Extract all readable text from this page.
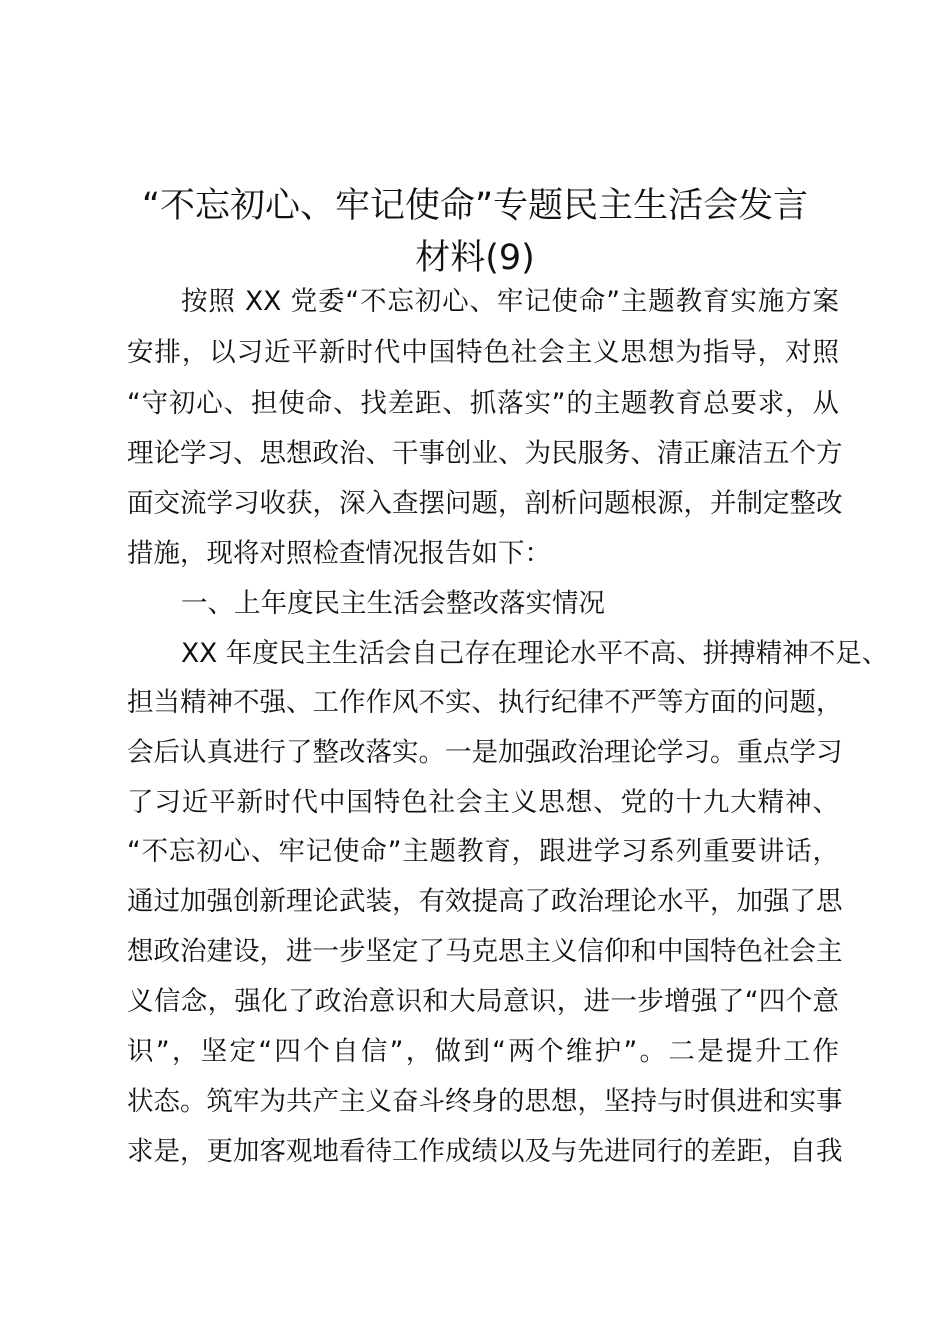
“不忘初心、牢记使命”专题民主生活会发言
材料(9)
按照 XX 党委“不忘初心、牢记使命”主题教育实施方案
安排，以习近平新时代中国特色社会主义思想为指导，对照
“守初心、担使命、找差距、抓落实”的主题教育总要求，从
理论学习、思想政治、干事创业、为民服务、清正廉洁五个方
面交流学习收获，深入查摆问题，剖析问题根源，并制定整改
措施，现将对照检查情况报告如下：
一、上年度民主生活会整改落实情况
XX 年度民主生活会自己存在理论水平不高、拼搏精神不足、
担当精神不强、工作作风不实、执行纪律不严等方面的问题，
会后认真进行了整改落实。一是加强政治理论学习。重点学习
了习近平新时代中国特色社会主义思想、党的十九大精神、
“不忘初心、牢记使命”主题教育，跟进学习系列重要讲话，
通过加强创新理论武装，有效提高了政治理论水平，加强了思
想政治建设，进一步坚定了马克思主义信仰和中国特色社会主
义信念，强化了政治意识和大局意识，进一步增强了“四个意
识”，坚定“四个自信”，做到“两个维护”。二是提升工作
状态。筑牢为共产主义奋斗终身的思想，坚持与时俱进和实事
求是，更加客观地看待工作成绩以及与先进同行的差距，自我
